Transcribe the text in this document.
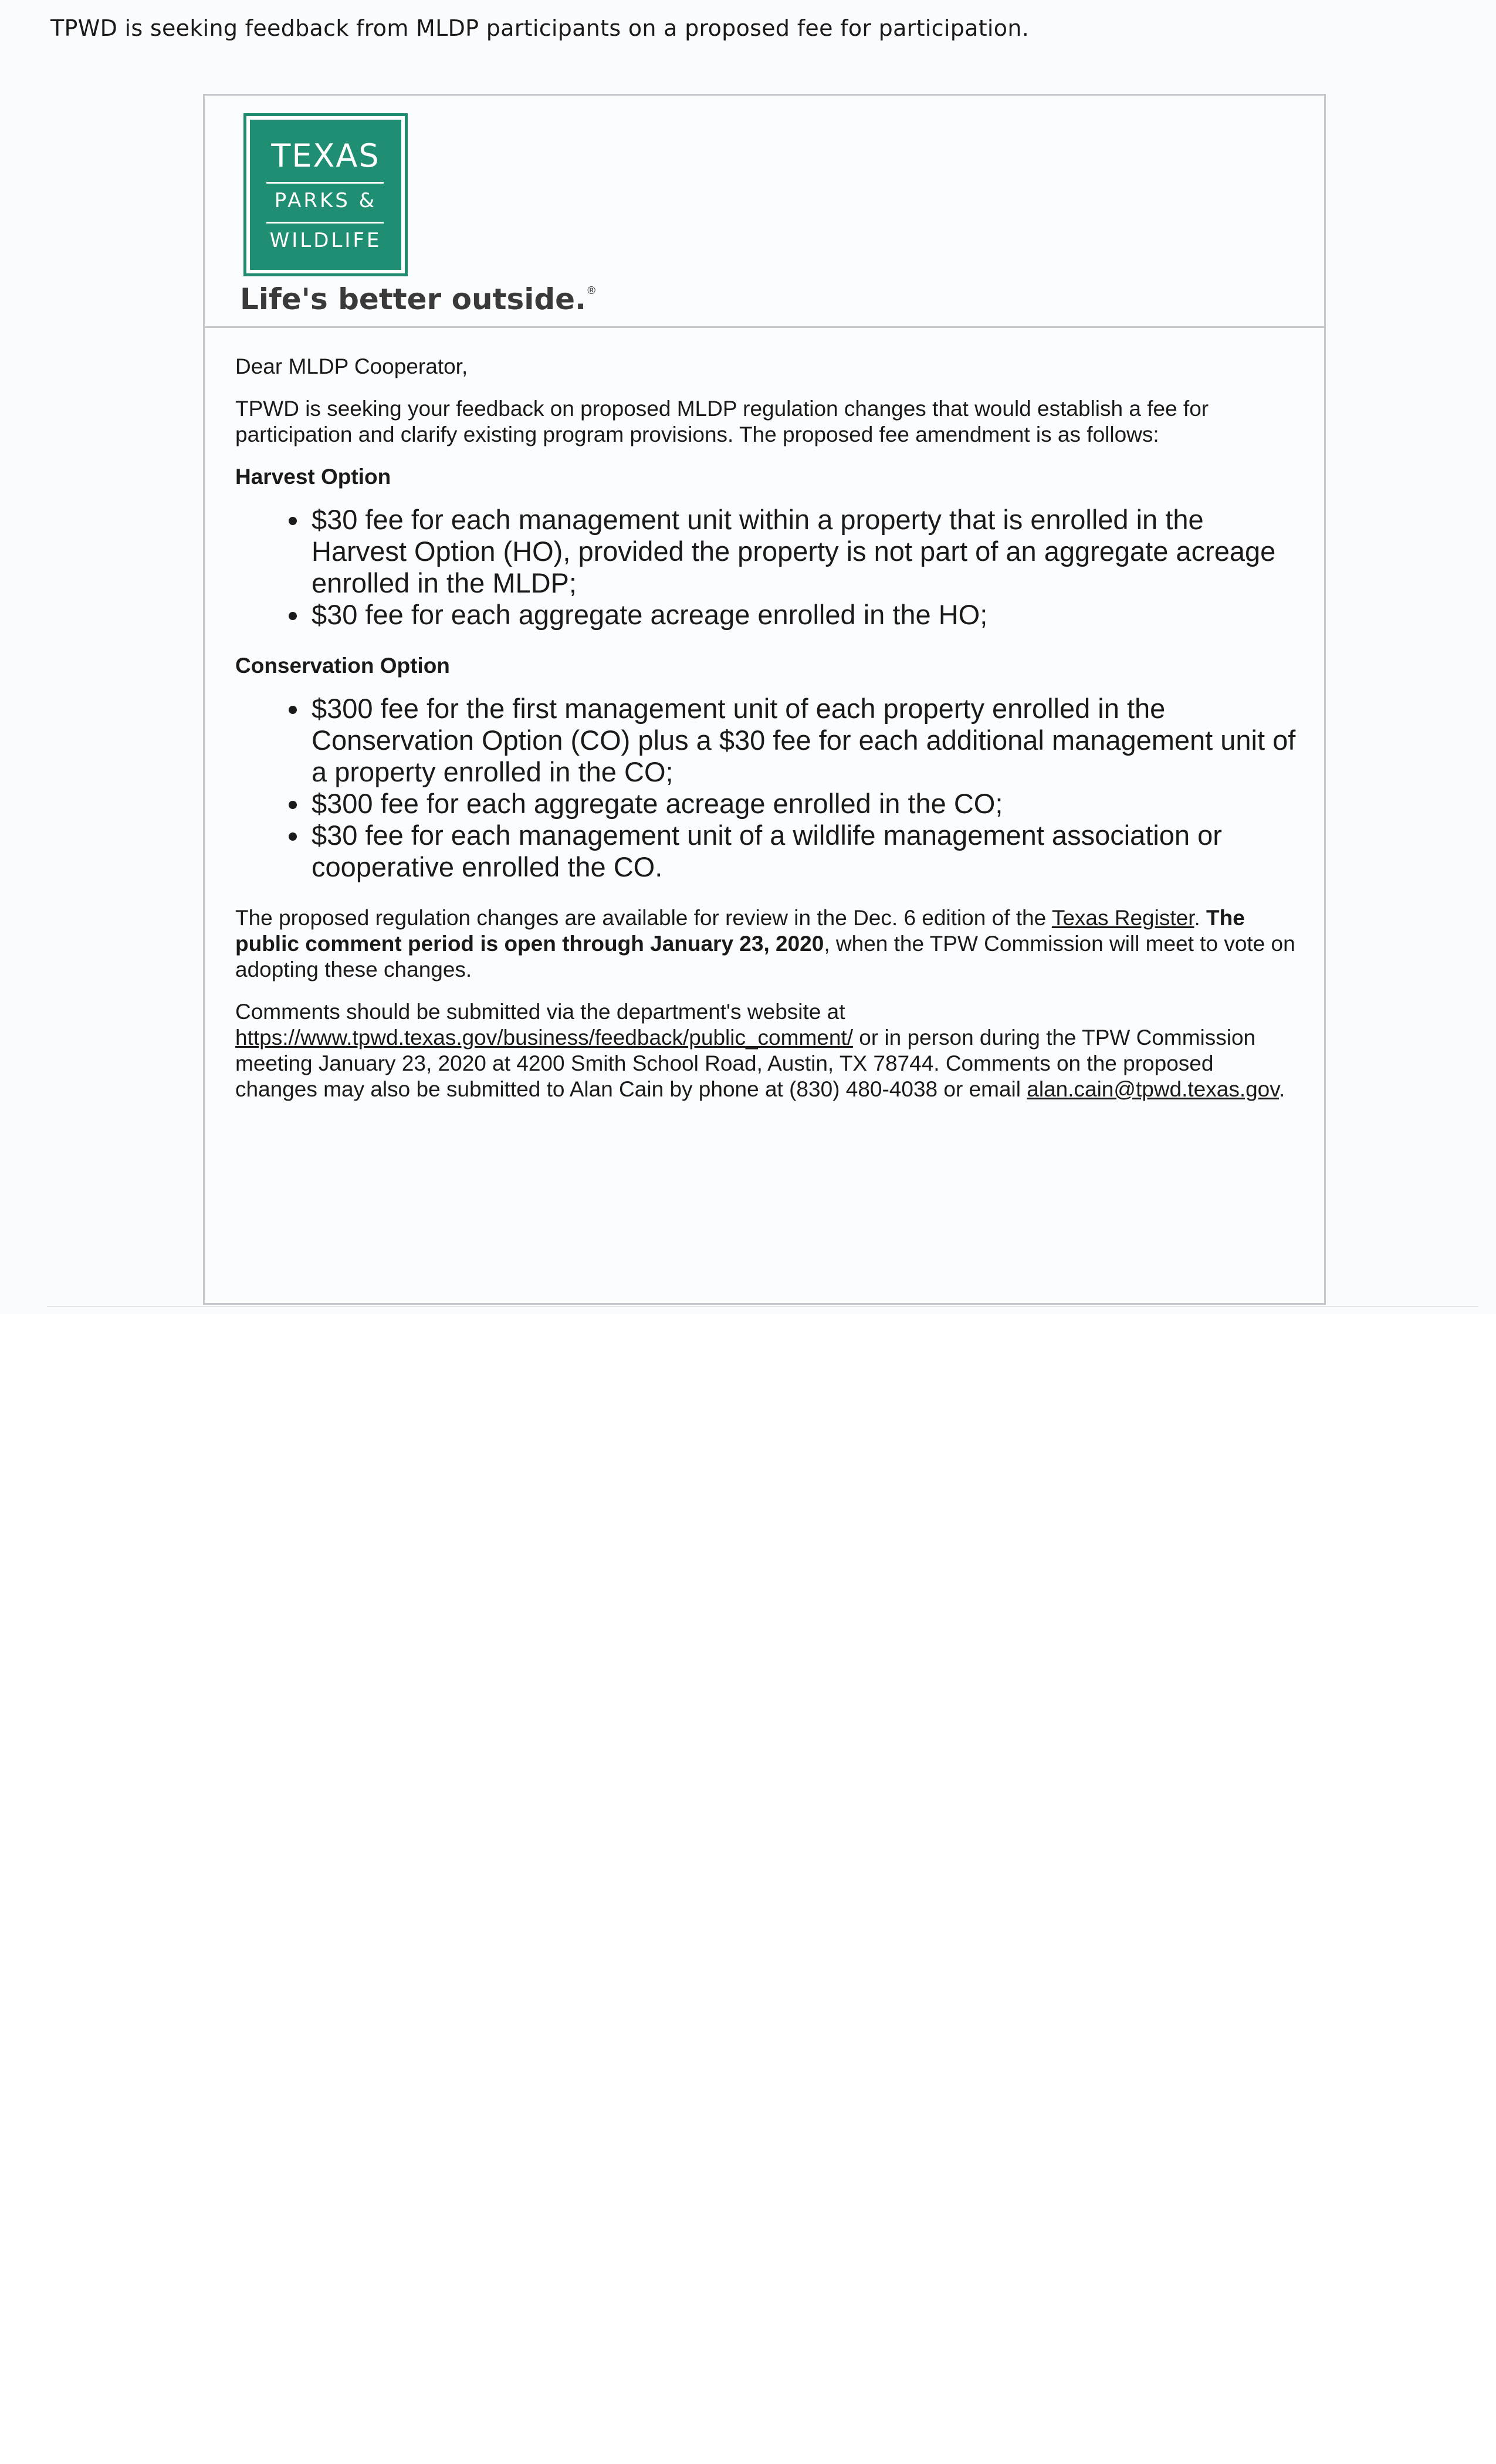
TPWD is seeking feedback from MLDP participants on a proposed fee for participation.
TEXAS
PARKS &
WILDLIFE
Life's better outside.®

Dear MLDP Cooperator,

TPWD is seeking your feedback on proposed MLDP regulation changes that would establish a fee for participation and clarify existing program provisions. The proposed fee amendment is as follows:

Harvest Option

• $30 fee for each management unit within a property that is enrolled in the Harvest Option (HO), provided the property is not part of an aggregate acreage enrolled in the MLDP;
• $30 fee for each aggregate acreage enrolled in the HO;

Conservation Option

• $300 fee for the first management unit of each property enrolled in the Conservation Option (CO) plus a $30 fee for each additional management unit of a property enrolled in the CO;
• $300 fee for each aggregate acreage enrolled in the CO;
• $30 fee for each management unit of a wildlife management association or cooperative enrolled the CO.

The proposed regulation changes are available for review in the Dec. 6 edition of the Texas Register. The public comment period is open through January 23, 2020, when the TPW Commission will meet to vote on adopting these changes.

Comments should be submitted via the department's website at https://www.tpwd.texas.gov/business/feedback/public_comment/ or in person during the TPW Commission meeting January 23, 2020 at 4200 Smith School Road, Austin, TX 78744. Comments on the proposed changes may also be submitted to Alan Cain by phone at (830) 480-4038 or email alan.cain@tpwd.texas.gov.
